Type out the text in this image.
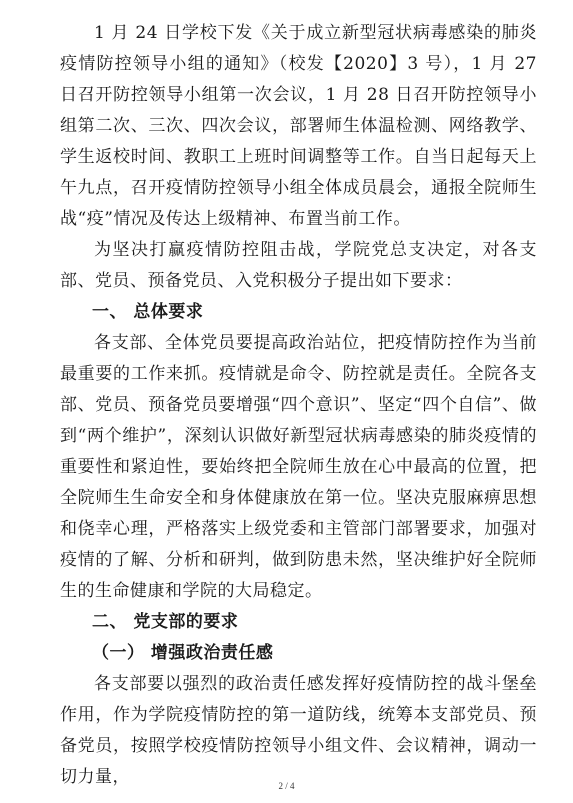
1 月 24 日学校下发《关于成立新型冠状病毒感染的肺炎疫情防控领导小组的通知》（校发【2020】3 号），1 月 27 日召开防控领导小组第一次会议，1 月 28 日召开防控领导小组第二次、三次、四次会议，部署师生体温检测、网络教学、学生返校时间、教职工上班时间调整等工作。自当日起每天上午九点，召开疫情防控领导小组全体成员晨会，通报全院师生战“疫”情况及传达上级精神、布置当前工作。

为坚决打赢疫情防控阻击战，学院党总支决定，对各支部、党员、预备党员、入党积极分子提出如下要求：

一、 总体要求

各支部、全体党员要提高政治站位，把疫情防控作为当前最重要的工作来抓。疫情就是命令、防控就是责任。全院各支部、党员、预备党员要增强“四个意识”、坚定“四个自信”、做到“两个维护”，深刻认识做好新型冠状病毒感染的肺炎疫情的重要性和紧迫性，要始终把全院师生放在心中最高的位置，把全院师生生命安全和身体健康放在第一位。坚决克服麻痹思想和侥幸心理，严格落实上级党委和主管部门部署要求，加强对疫情的了解、分析和研判，做到防患未然，坚决维护好全院师生的生命健康和学院的大局稳定。

二、 党支部的要求

（一） 增强政治责任感

各支部要以强烈的政治责任感发挥好疫情防控的战斗堡垒作用，作为学院疫情防控的第一道防线，统筹本支部党员、预备党员，按照学校疫情防控领导小组文件、会议精神，调动一切力量，	2 / 4
